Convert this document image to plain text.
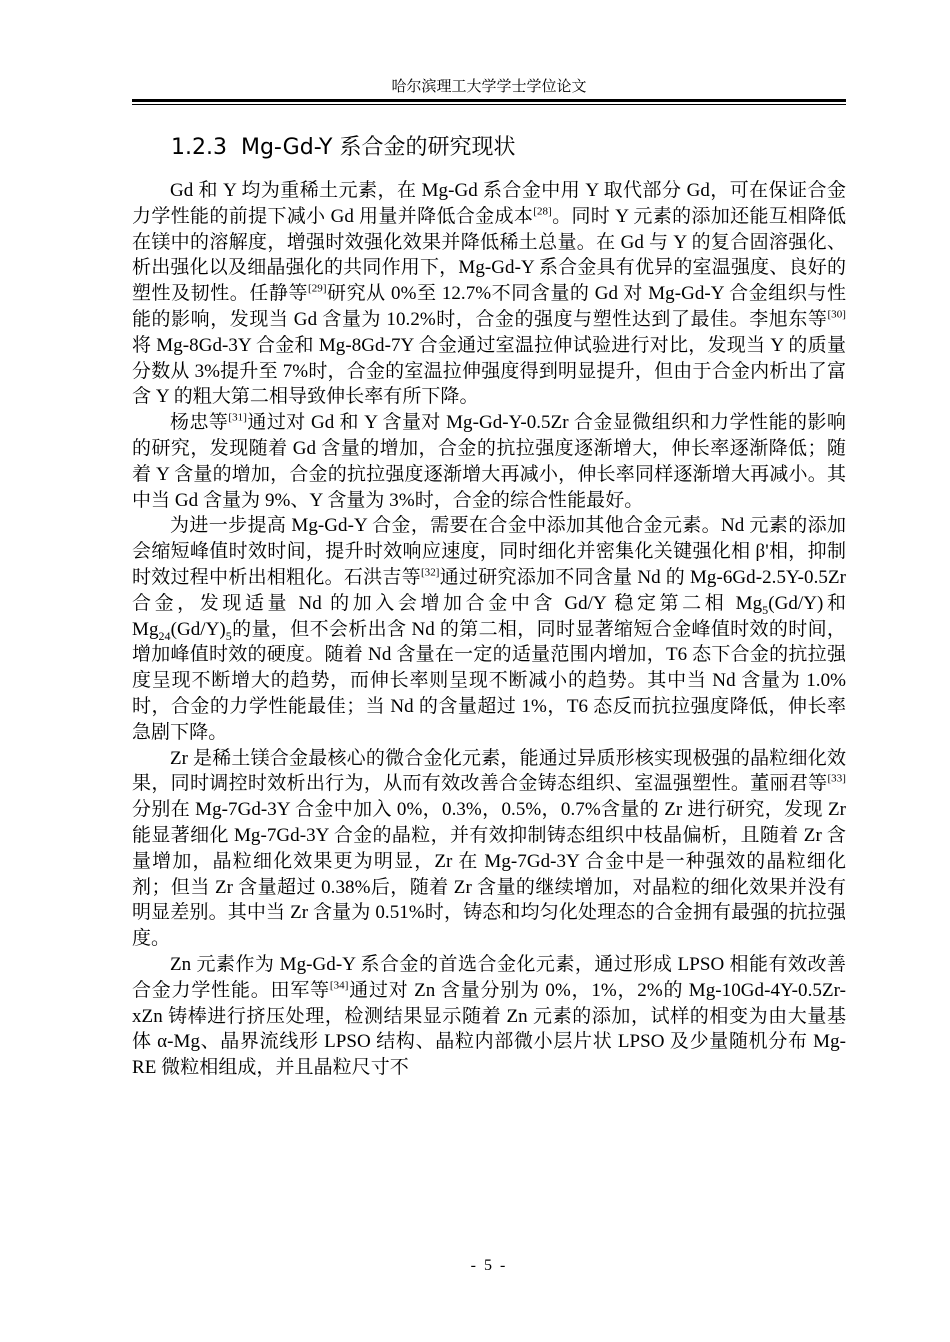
哈尔滨理工大学学士学位论文
1.2.3 Mg-Gd-Y 系合金的研究现状

Gd 和 Y 均为重稀土元素，在 Mg-Gd 系合金中用 Y 取代部分 Gd，可在保证合金力学性能的前提下减小 Gd 用量并降低合金成本[28]。同时 Y 元素的添加还能互相降低在镁中的溶解度，增强时效强化效果并降低稀土总量。在 Gd 与 Y 的复合固溶强化、析出强化以及细晶强化的共同作用下，Mg-Gd-Y 系合金具有优异的室温强度、良好的塑性及韧性。任静等[29]研究从 0%至 12.7%不同含量的 Gd 对 Mg-Gd-Y 合金组织与性能的影响，发现当 Gd 含量为 10.2%时，合金的强度与塑性达到了最佳。李旭东等[30]将 Mg-8Gd-3Y 合金和 Mg-8Gd-7Y 合金通过室温拉伸试验进行对比，发现当 Y 的质量分数从 3%提升至 7%时，合金的室温拉伸强度得到明显提升，但由于合金内析出了富含 Y 的粗大第二相导致伸长率有所下降。

杨忠等[31]通过对 Gd 和 Y 含量对 Mg-Gd-Y-0.5Zr 合金显微组织和力学性能的影响的研究，发现随着 Gd 含量的增加，合金的抗拉强度逐渐增大，伸长率逐渐降低；随着 Y 含量的增加，合金的抗拉强度逐渐增大再减小，伸长率同样逐渐增大再减小。其中当 Gd 含量为 9%、Y 含量为 3%时，合金的综合性能最好。

为进一步提高 Mg-Gd-Y 合金，需要在合金中添加其他合金元素。Nd 元素的添加会缩短峰值时效时间，提升时效响应速度，同时细化并密集化关键强化相 β'相，抑制时效过程中析出相粗化。石洪吉等[32]通过研究添加不同含量 Nd 的 Mg-6Gd-2.5Y-0.5Zr 合金，发现适量 Nd 的加入会增加合金中含 Gd/Y 稳定第二相 $Mg_5(Gd/Y)$和 $Mg_{24}(Gd/Y)_5$的量，但不会析出含 Nd 的第二相，同时显著缩短合金峰值时效的时间，增加峰值时效的硬度。随着 Nd 含量在一定的适量范围内增加，T6 态下合金的抗拉强度呈现不断增大的趋势，而伸长率则呈现不断减小的趋势。其中当 Nd 含量为 1.0%时，合金的力学性能最佳；当 Nd 的含量超过 1%，T6 态反而抗拉强度降低，伸长率急剧下降。

Zr 是稀土镁合金最核心的微合金化元素，能通过异质形核实现极强的晶粒细化效果，同时调控时效析出行为，从而有效改善合金铸态组织、室温强塑性。董丽君等[33]分别在 Mg-7Gd-3Y 合金中加入 0%，0.3%，0.5%，0.7%含量的 Zr 进行研究，发现 Zr 能显著细化 Mg-7Gd-3Y 合金的晶粒，并有效抑制铸态组织中枝晶偏析，且随着 Zr 含量增加，晶粒细化效果更为明显，Zr 在 Mg-7Gd-3Y 合金中是一种强效的晶粒细化剂；但当 Zr 含量超过 0.38%后，随着 Zr 含量的继续增加，对晶粒的细化效果并没有明显差别。其中当 Zr 含量为 0.51%时，铸态和均匀化处理态的合金拥有最强的抗拉强度。

Zn 元素作为 Mg-Gd-Y 系合金的首选合金化元素，通过形成 LPSO 相能有效改善合金力学性能。田军等[34]通过对 Zn 含量分别为 0%，1%，2%的 Mg-10Gd-4Y-0.5Zr-xZn 铸棒进行挤压处理，检测结果显示随着 Zn 元素的添加，试样的相变为由大量基体 α-Mg、晶界流线形 LPSO 结构、晶粒内部微小层片状 LPSO 及少量随机分布 Mg-RE 微粒相组成，并且晶粒尺寸不

- 5 -
